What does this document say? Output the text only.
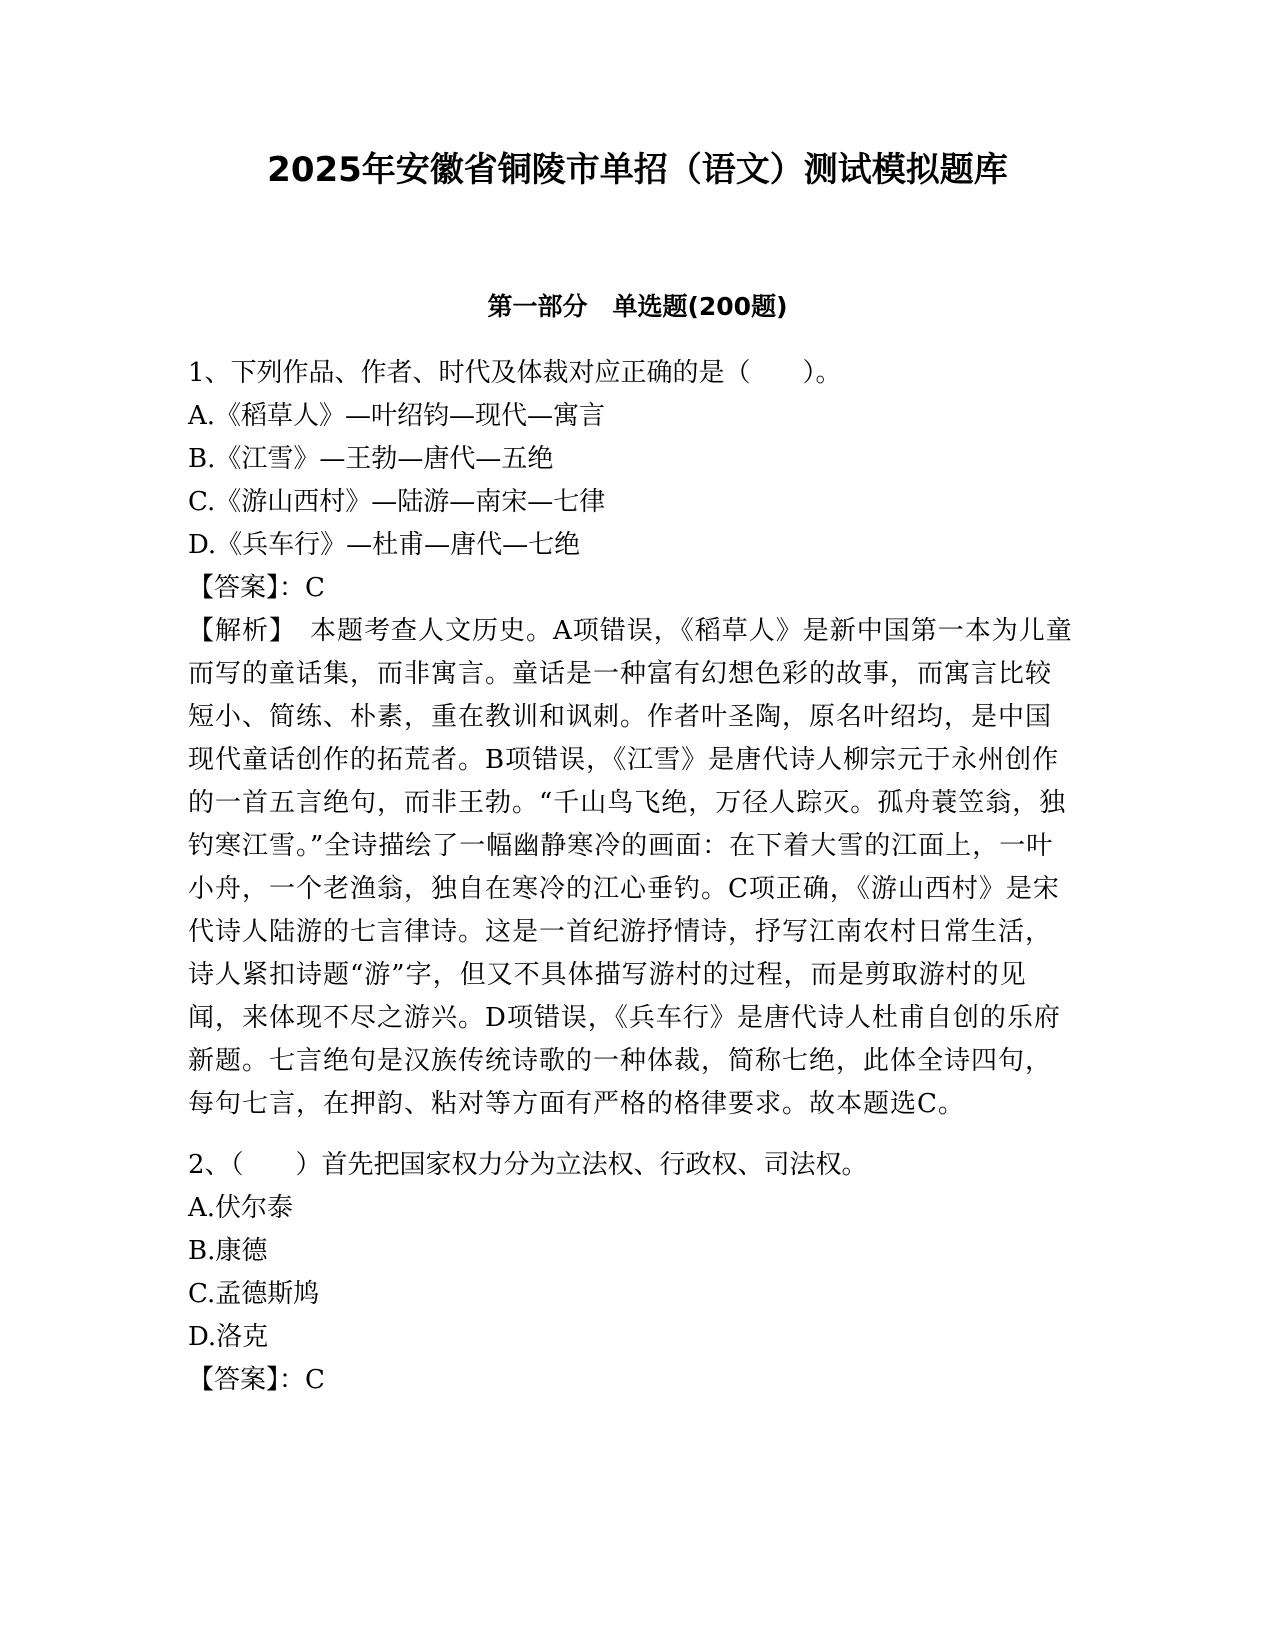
2025年安徽省铜陵市单招（语文）测试模拟题库
第一部分　单选题(200题)

1、下列作品、作者、时代及体裁对应正确的是（　　）。

A.《稻草人》—叶绍钧—现代—寓言

B.《江雪》—王勃—唐代—五绝

C.《游山西村》—陆游—南宋—七律

D.《兵车行》—杜甫—唐代—七绝

【答案】：C

【解析】　本题考查人文历史。A项错误，《稻草人》是新中国第一本为儿童而写的童话集，而非寓言。童话是一种富有幻想色彩的故事，而寓言比较短小、简练、朴素，重在教训和讽刺。作者叶圣陶，原名叶绍均，是中国现代童话创作的拓荒者。B项错误，《江雪》是唐代诗人柳宗元于永州创作的一首五言绝句，而非王勃。“千山鸟飞绝，万径人踪灭。孤舟蓑笠翁，独钓寒江雪。”全诗描绘了一幅幽静寒冷的画面：在下着大雪的江面上，一叶小舟，一个老渔翁，独自在寒冷的江心垂钓。C项正确，《游山西村》是宋代诗人陆游的七言律诗。这是一首纪游抒情诗，抒写江南农村日常生活，诗人紧扣诗题“游”字，但又不具体描写游村的过程，而是剪取游村的见闻，来体现不尽之游兴。D项错误，《兵车行》是唐代诗人杜甫自创的乐府新题。七言绝句是汉族传统诗歌的一种体裁，简称七绝，此体全诗四句，每句七言，在押韵、粘对等方面有严格的格律要求。故本题选C。

2、（　　）首先把国家权力分为立法权、行政权、司法权。

A.伏尔泰

B.康德

C.孟德斯鸠

D.洛克

【答案】：C
